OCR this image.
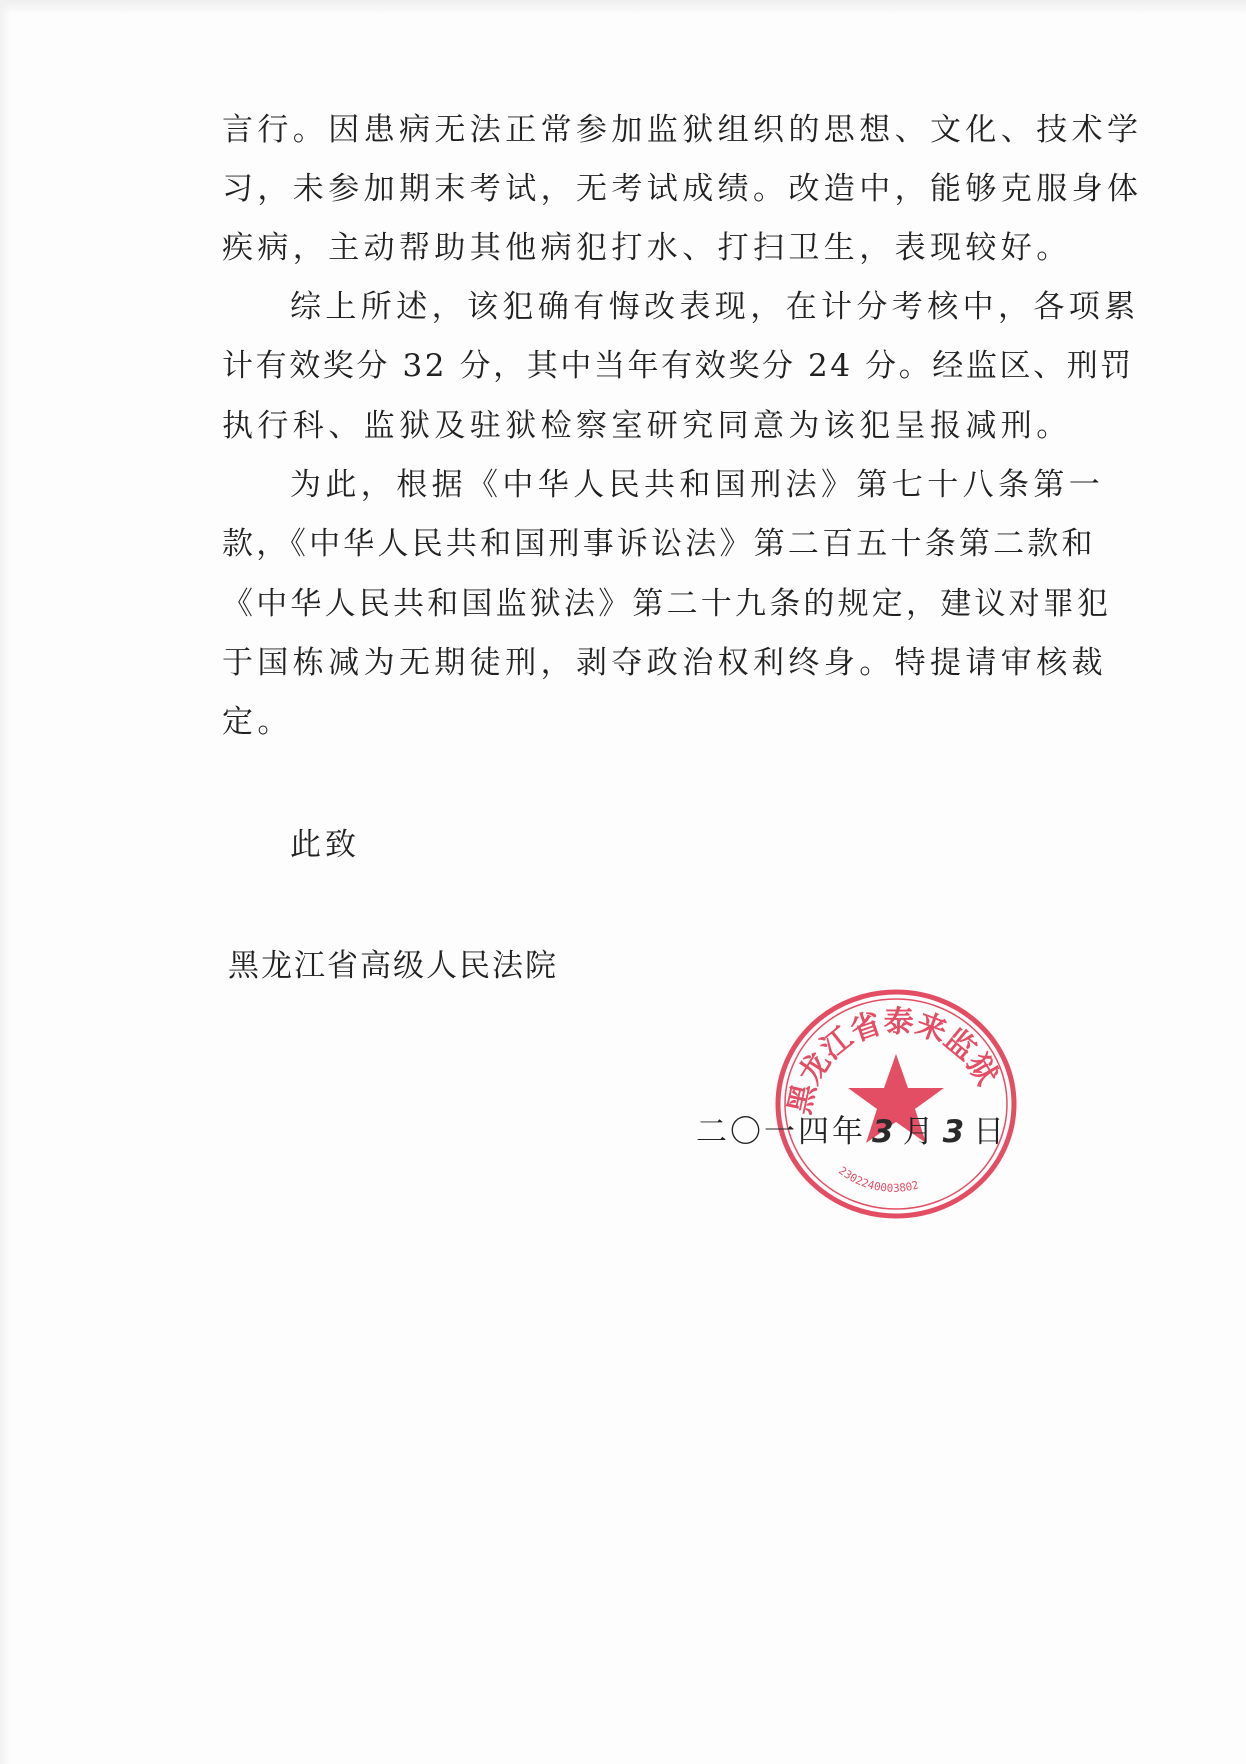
言行。因患病无法正常参加监狱组织的思想、文化、技术学
习，未参加期末考试，无考试成绩。改造中，能够克服身体
疾病，主动帮助其他病犯打水、打扫卫生，表现较好。
综上所述，该犯确有悔改表现，在计分考核中，各项累
计有效奖分 32 分，其中当年有效奖分 24 分。经监区、刑罚
执行科、监狱及驻狱检察室研究同意为该犯呈报减刑。
为此，根据《中华人民共和国刑法》第七十八条第一
款，《中华人民共和国刑事诉讼法》第二百五十条第二款和
《中华人民共和国监狱法》第二十九条的规定，建议对罪犯
于国栋减为无期徒刑，剥夺政治权利终身。特提请审核裁
定。
此致
黑龙江省高级人民法院
黑龙江省泰来监狱
2302240003802
二〇一四年 3 月 3 日
